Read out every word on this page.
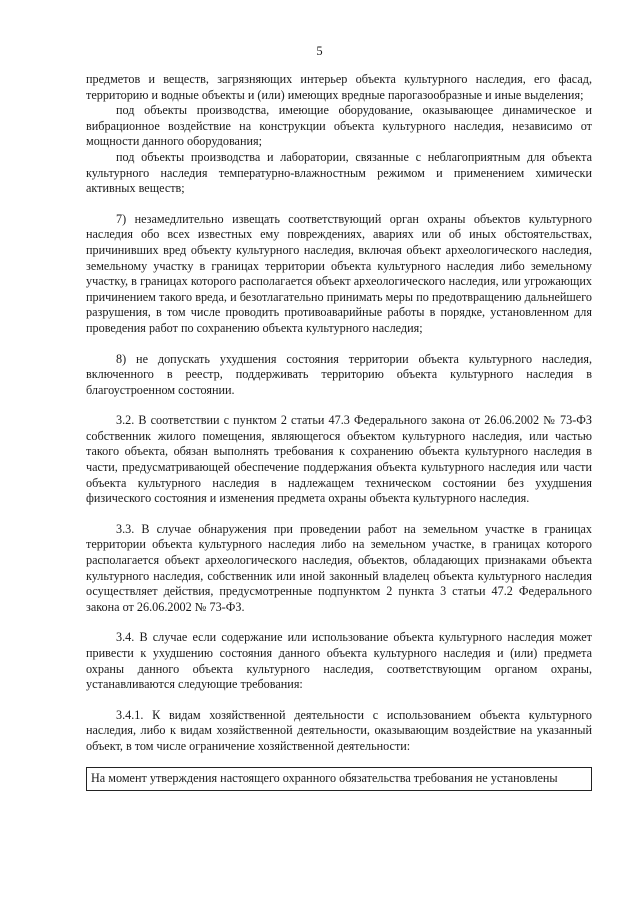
5

предметов и веществ, загрязняющих интерьер объекта культурного наследия, его фасад, территорию и водные объекты и (или) имеющих вредные парогазообразные и иные выделения;

под объекты производства, имеющие оборудование, оказывающее динамическое и вибрационное воздействие на конструкции объекта культурного наследия, независимо от мощности данного оборудования;

под объекты производства и лаборатории, связанные с неблагоприятным для объекта культурного наследия температурно-влажностным режимом и применением химически активных веществ;

7) незамедлительно извещать соответствующий орган охраны объектов культурного наследия обо всех известных ему повреждениях, авариях или об иных обстоятельствах, причинивших вред объекту культурного наследия, включая объект археологического наследия, земельному участку в границах территории объекта культурного наследия либо земельному участку, в границах которого располагается объект археологического наследия, или угрожающих причинением такого вреда, и безотлагательно принимать меры по предотвращению дальнейшего разрушения, в том числе проводить противоаварийные работы в порядке, установленном для проведения работ по сохранению объекта культурного наследия;

8) не допускать ухудшения состояния территории объекта культурного наследия, включенного в реестр, поддерживать территорию объекта культурного наследия в благоустроенном состоянии.

3.2. В соответствии с пунктом 2 статьи 47.3 Федерального закона от 26.06.2002 № 73-ФЗ собственник жилого помещения, являющегося объектом культурного наследия, или частью такого объекта, обязан выполнять требования к сохранению объекта культурного наследия в части, предусматривающей обеспечение поддержания объекта культурного наследия или части объекта культурного наследия в надлежащем техническом состоянии без ухудшения физического состояния и изменения предмета охраны объекта культурного наследия.

3.3. В случае обнаружения при проведении работ на земельном участке в границах территории объекта культурного наследия либо на земельном участке, в границах которого располагается объект археологического наследия, объектов, обладающих признаками объекта культурного наследия, собственник или иной законный владелец объекта культурного наследия осуществляет действия, предусмотренные подпунктом 2 пункта 3 статьи 47.2 Федерального закона от 26.06.2002 № 73-ФЗ.

3.4. В случае если содержание или использование объекта культурного наследия может привести к ухудшению состояния данного объекта культурного наследия и (или) предмета охраны данного объекта культурного наследия, соответствующим органом охраны, устанавливаются следующие требования:

3.4.1. К видам хозяйственной деятельности с использованием объекта культурного наследия, либо к видам хозяйственной деятельности, оказывающим воздействие на указанный объект, в том числе ограничение хозяйственной деятельности:

На момент утверждения настоящего охранного обязательства требования не установлены
